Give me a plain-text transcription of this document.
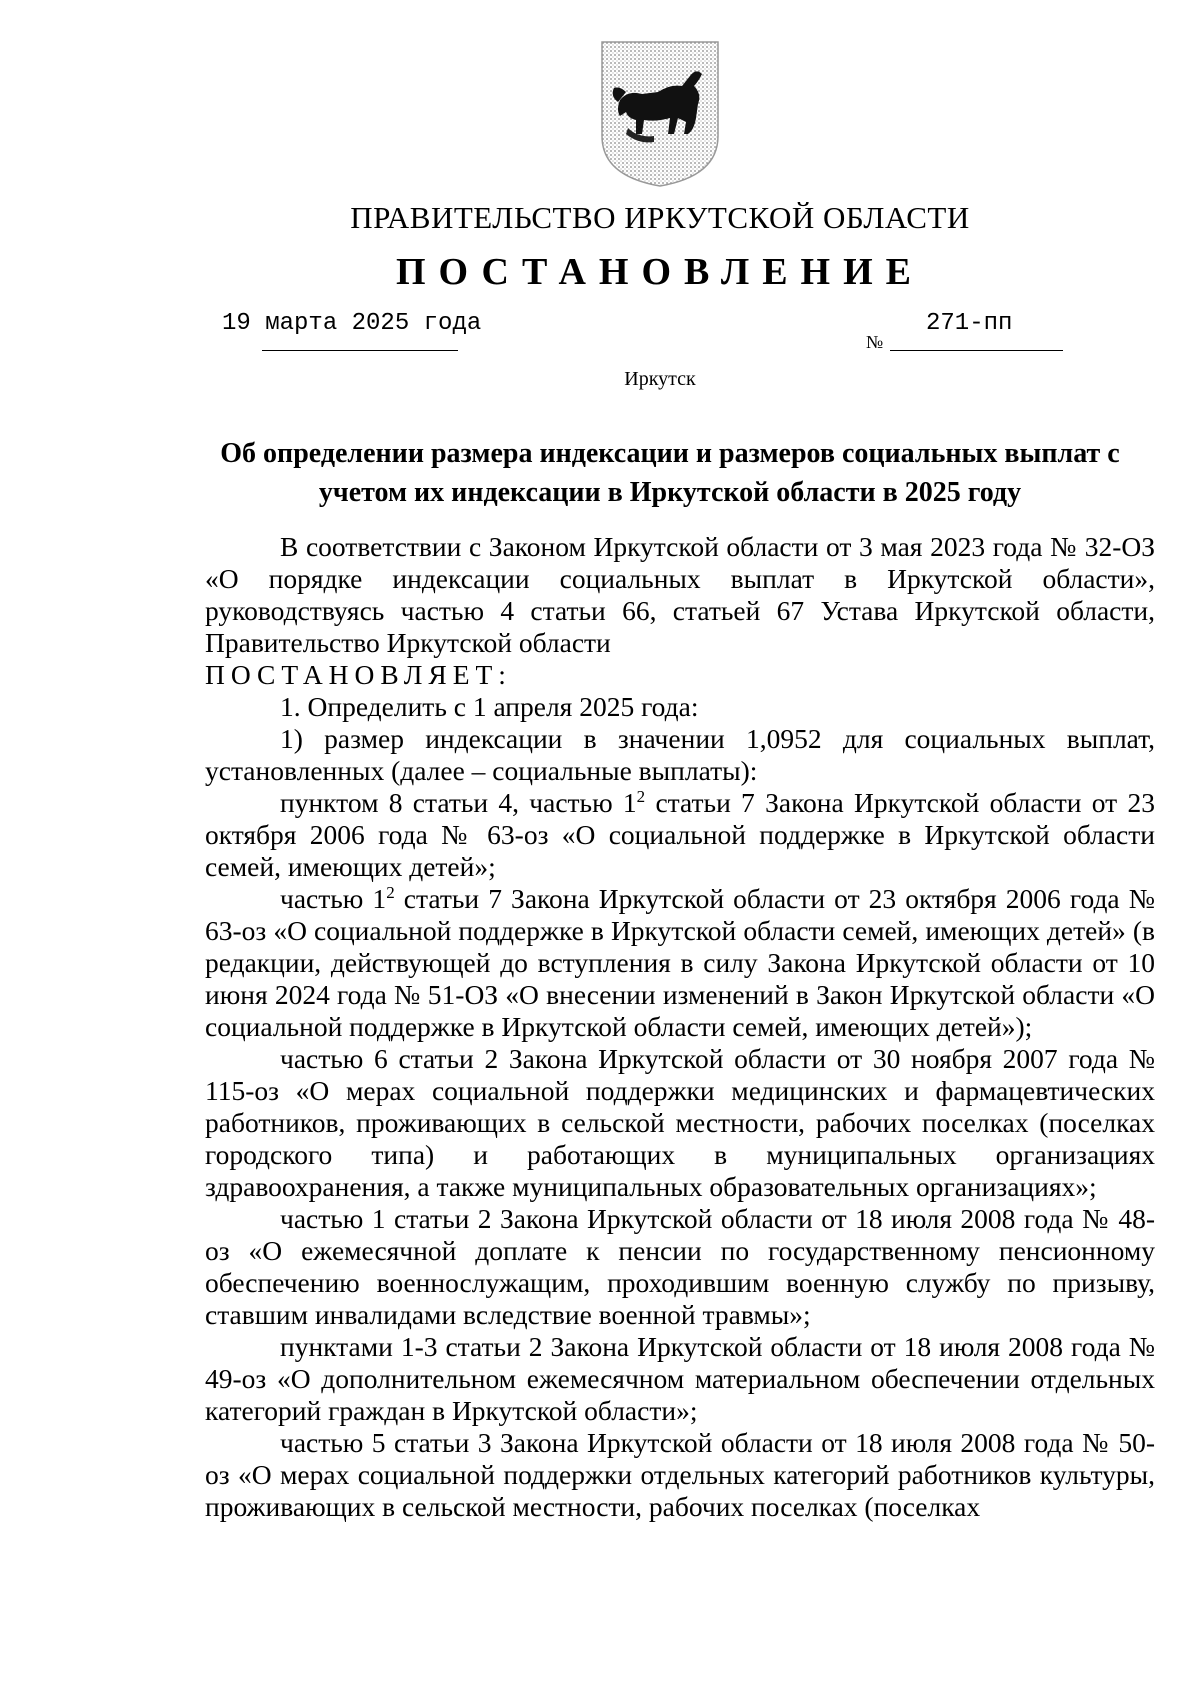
ПРАВИТЕЛЬСТВО ИРКУТСКОЙ ОБЛАСТИ
ПОСТАНОВЛЕНИЕ
19 марта 2025 года
№
271-пп
Иркутск
Об определении размера индексации и размеров социальных выплат с учетом их индексации в Иркутской области в 2025 году

В соответствии с Законом Иркутской области от 3 мая 2023 года № 32-ОЗ «О порядке индексации социальных выплат в Иркутской области», руководствуясь частью 4 статьи 66, статьей 67 Устава Иркутской области, Правительство Иркутской области

ПОСТАНОВЛЯЕТ:

1. Определить с 1 апреля 2025 года:

1) размер индексации в значении 1,0952 для социальных выплат, установленных (далее – социальные выплаты):

пунктом 8 статьи 4, частью $1^2$ статьи 7 Закона Иркутской области от 23 октября 2006 года № 63-оз «О социальной поддержке в Иркутской области семей, имеющих детей»;

частью $1^2$ статьи 7 Закона Иркутской области от 23 октября 2006 года № 63-оз «О социальной поддержке в Иркутской области семей, имеющих детей» (в редакции, действующей до вступления в силу Закона Иркутской области от 10 июня 2024 года № 51-ОЗ «О внесении изменений в Закон Иркутской области «О социальной поддержке в Иркутской области семей, имеющих детей»);

частью 6 статьи 2 Закона Иркутской области от 30 ноября 2007 года № 115-оз «О мерах социальной поддержки медицинских и фармацевтических работников, проживающих в сельской местности, рабочих поселках (поселках городского типа) и работающих в муниципальных организациях здравоохранения, а также муниципальных образовательных организациях»;

частью 1 статьи 2 Закона Иркутской области от 18 июля 2008 года № 48-оз «О ежемесячной доплате к пенсии по государственному пенсионному обеспечению военнослужащим, проходившим военную службу по призыву, ставшим инвалидами вследствие военной травмы»;

пунктами 1-3 статьи 2 Закона Иркутской области от 18 июля 2008 года № 49-оз «О дополнительном ежемесячном материальном обеспечении отдельных категорий граждан в Иркутской области»;

частью 5 статьи 3 Закона Иркутской области от 18 июля 2008 года № 50-оз «О мерах социальной поддержки отдельных категорий работников культуры, проживающих в сельской местности, рабочих поселках (поселках
